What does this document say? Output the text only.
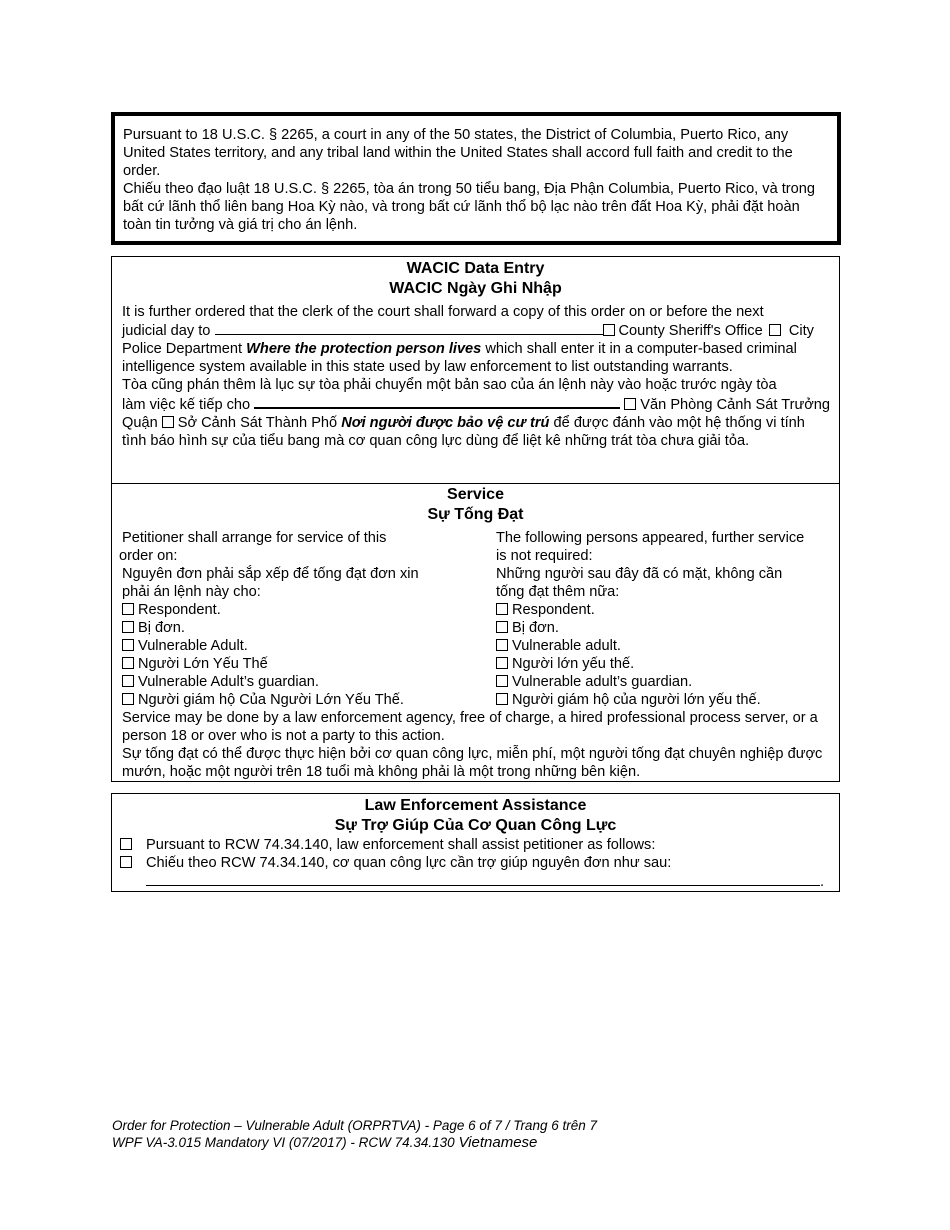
Pursuant to 18 U.S.C. § 2265, a court in any of the 50 states, the District of Columbia, Puerto Rico, any United States territory, and any tribal land within the United States shall accord full faith and credit to the order.

Chiếu theo đạo luật 18 U.S.C. § 2265, tòa án trong 50 tiểu bang, Địa Phận Columbia, Puerto Rico, và trong bất cứ lãnh thổ liên bang Hoa Kỳ nào, và trong bất cứ lãnh thổ bộ lạc nào trên đất Hoa Kỳ, phải đặt hoàn toàn tin tưởng và giá trị cho án lệnh.

WACIC Data Entry

WACIC Ngày Ghi Nhập

It is further ordered that the clerk of the court shall forward a copy of this order on or before the next

judicial day to	County Sheriff's Office City Police Department Where the protection person lives which shall enter it in a computer-based criminal intelligence system available in this state used by law enforcement to list outstanding warrants.

Tòa cũng phán thêm là lục sự tòa phải chuyển một bản sao của án lệnh này vào hoặc trước ngày tòa

làm việc kế tiếp cho	Văn Phòng Cảnh Sát Trưởng Quận Sở Cảnh Sát Thành Phố Nơi người được bảo vệ cư trú để được đánh vào một hệ thống vi tính tình báo hình sự của tiểu bang mà cơ quan công lực dùng để liệt kê những trát tòa chưa giải tỏa.

Service

Sự Tống Đạt

Petitioner shall arrange for service of this
order on:
Nguyên đơn phải sắp xếp để tống đạt đơn xin
phải án lệnh này cho:
Respondent.
Bị đơn.
Vulnerable Adult.
Người Lớn Yếu Thế
Vulnerable Adult’s guardian.
Người giám hộ Của Người Lớn Yếu Thế.
The following persons appeared, further service
is not required:
Những người sau đây đã có mặt, không cần
tống đạt thêm nữa:
Respondent.
Bị đơn.
Vulnerable adult.
Người lớn yếu thế.
Vulnerable adult’s guardian.
Người giám hộ của người lớn yếu thế.

Service may be done by a law enforcement agency, free of charge, a hired professional process server, or a person 18 or over who is not a party to this action.

Sự tống đạt có thể được thực hiện bởi cơ quan công lực, miễn phí, một người tống đạt chuyên nghiệp được mướn, hoặc một người trên 18 tuổi mà không phải là một trong những bên kiện.

Law Enforcement Assistance

Sự Trợ Giúp Của Cơ Quan Công Lực

Pursuant to RCW 74.34.140, law enforcement shall assist petitioner as follows:
Chiếu theo RCW 74.34.140, cơ quan công lực cần trợ giúp nguyên đơn như sau:
.

Order for Protection – Vulnerable Adult (ORPRTVA) - Page 6 of 7 / Trang 6 trên 7

WPF VA-3.015 Mandatory VI (07/2017) - RCW 74.34.130 Vietnamese
